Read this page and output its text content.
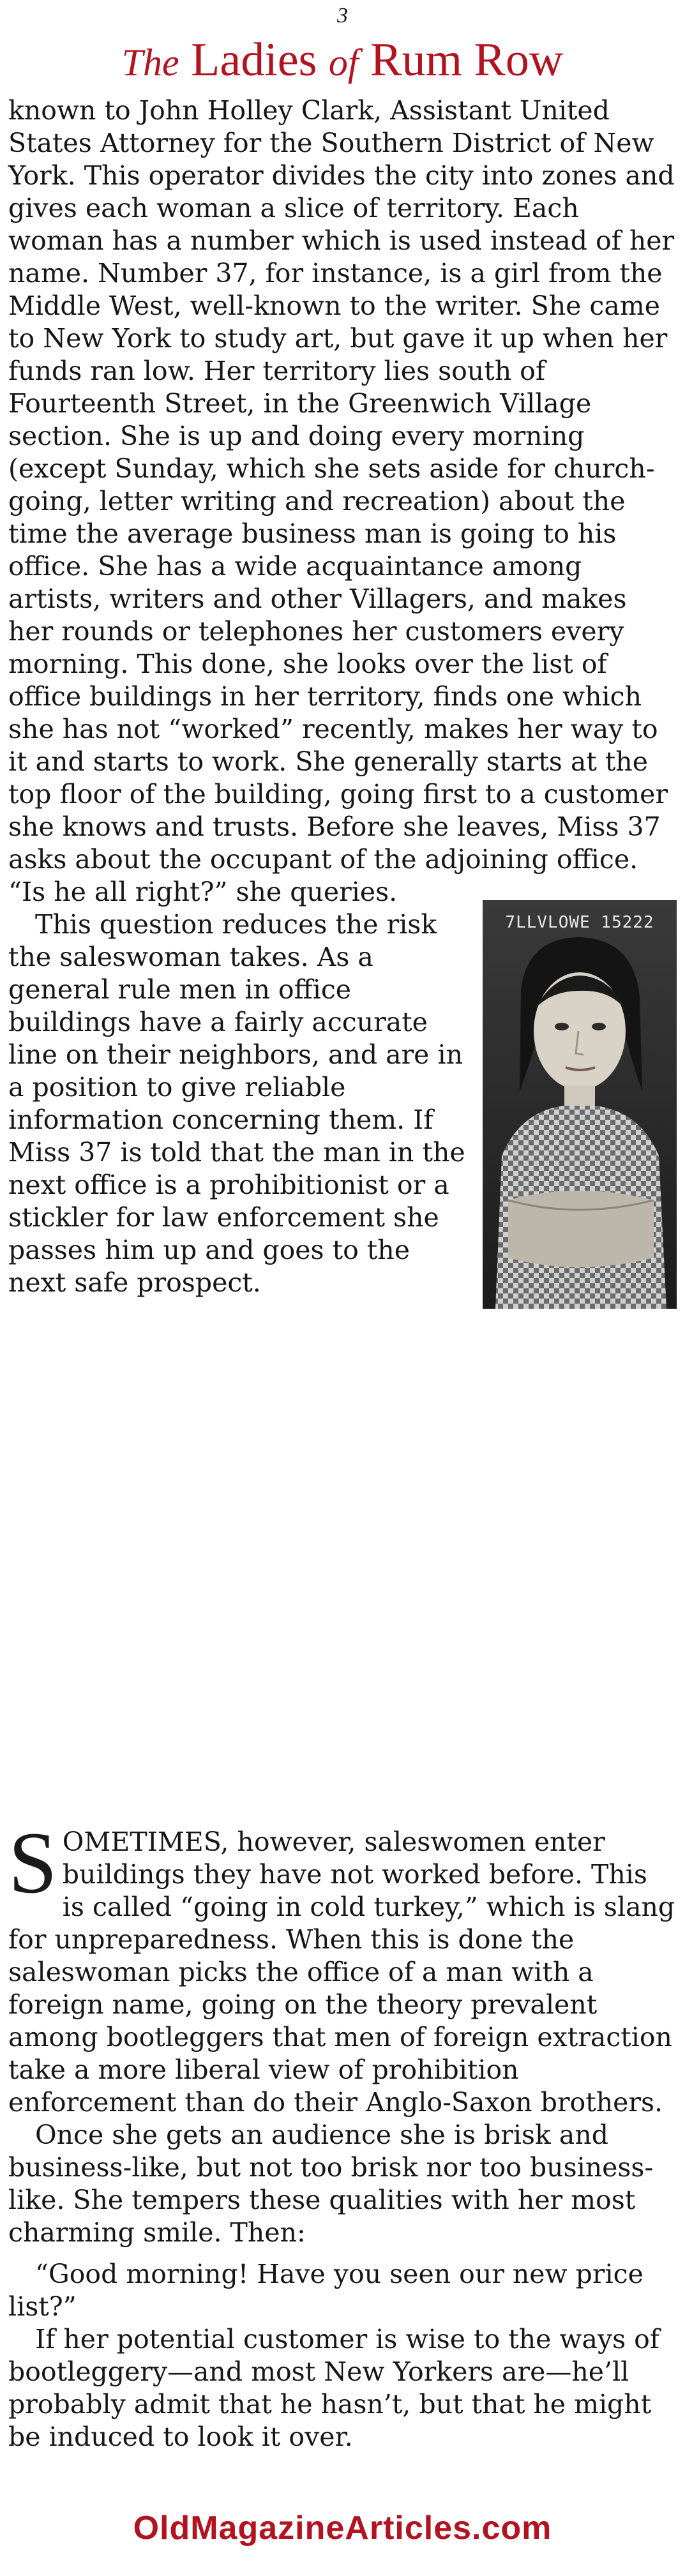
3
The Ladies of Rum Row
7LLVLOWE 15222

known to John Holley Clark, Assistant United States Attorney for the Southern District of New York. This operator divides the city into zones and gives each woman a slice of territory. Each woman has a number which is used instead of her name. Number 37, for instance, is a girl from the Middle West, well-known to the writer. She came to New York to study art, but gave it up when her funds ran low. Her territory lies south of Fourteenth Street, in the Greenwich Village section. She is up and doing every morning (except Sunday, which she sets aside for church-going, letter writing and recreation) about the time the average business man is going to his office. She has a wide acquaintance among artists, writers and other Villagers, and makes her rounds or telephones her customers every morning. This done, she looks over the list of office buildings in her territory, finds one which she has not “worked” recently, makes her way to it and starts to work. She generally starts at the top floor of the building, going first to a customer she knows and trusts. Before she leaves, Miss 37 asks about the occupant of the adjoining office. “Is he all right?” she queries.

This question reduces the risk the saleswoman takes. As a general rule men in office buildings have a fairly accurate line on their neighbors, and are in a position to give reliable information concerning them. If Miss 37 is told that the man in the next office is a prohibitionist or a stickler for law enforcement she passes him up and goes to the next safe prospect.

SOMETIMES, however, saleswomen enter buildings they have not worked before. This is called “going in cold turkey,” which is slang for unpreparedness. When this is done the saleswoman picks the office of a man with a foreign name, going on the theory prevalent among bootleggers that men of foreign extraction take a more liberal view of prohibition enforcement than do their Anglo-Saxon brothers.

Once she gets an audience she is brisk and business-like, but not too brisk nor too business-like. She tempers these qualities with her most charming smile. Then:

“Good morning! Have you seen our new price list?”

If her potential customer is wise to the ways of bootleggery—and most New Yorkers are—he’ll probably admit that he hasn’t, but that he might be induced to look it over.

OldMagazineArticles.com
